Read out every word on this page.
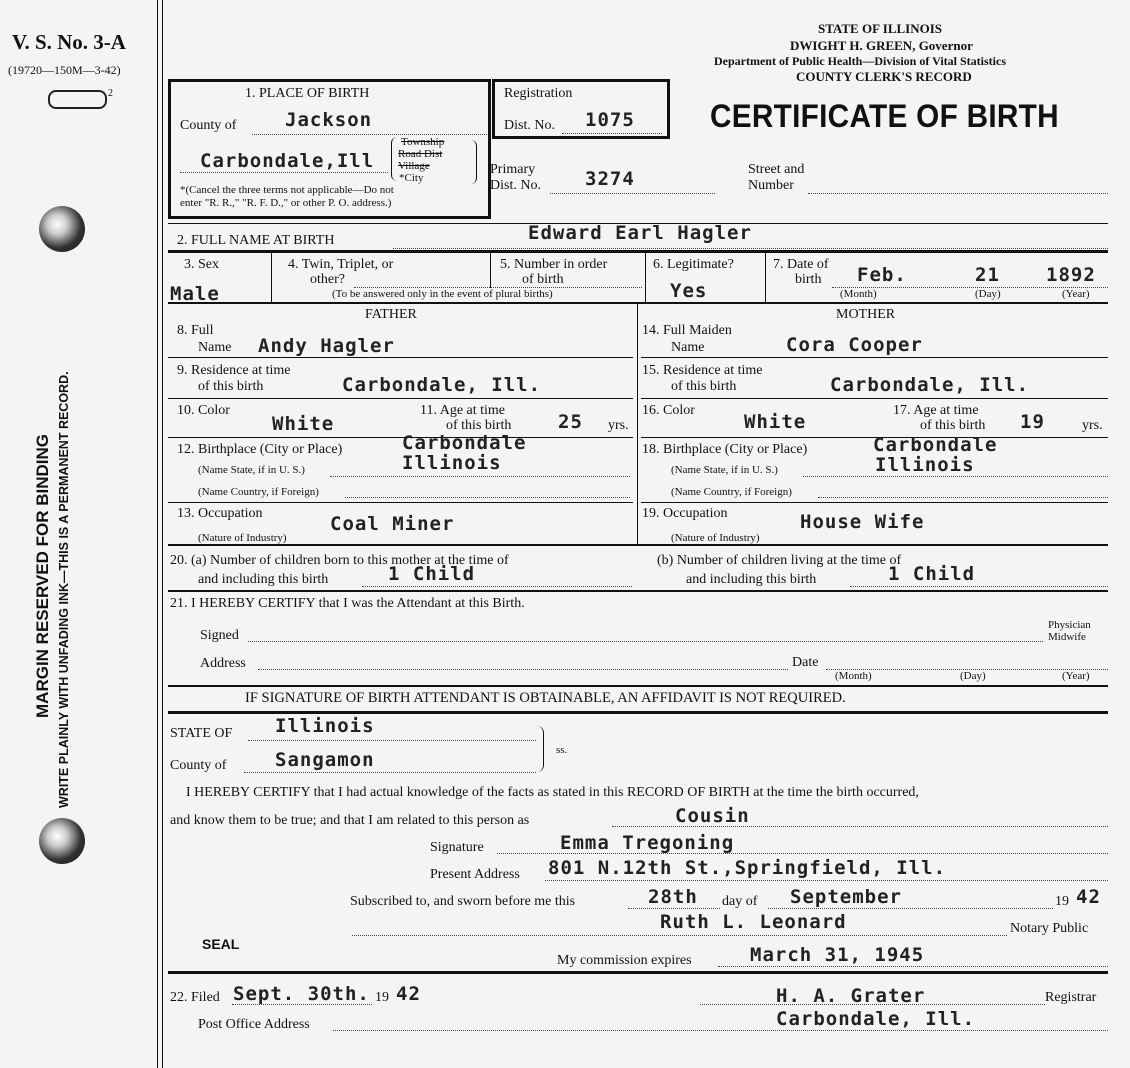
V. S. No. 3-A
(19720—150M—3-42)
2
MARGIN RESERVED FOR BINDING WRITE PLAINLY WITH UNFADING INK—THIS IS A PERMANENT RECORD.
STATE OF ILLINOIS
DWIGHT H. GREEN, Governor
Department of Public Health—Division of Vital Statistics
COUNTY CLERK'S RECORD
CERTIFICATE OF BIRTH
1. PLACE OF BIRTH
County of	Jackson
Carbondale,Ill
Township
Road Dist
Village
*City
*(Cancel the three terms not applicable—Do not
enter "R. R.," "R. F. D.," or other P. O. address.)
Registration
Dist. No. 1075
Primary
Dist. No. 3274	Street and
Number
2. FULL NAME AT BIRTH	Edward Earl Hagler
3. Sex
Male
4. Twin, Triplet, or
other?
5. Number in order
of birth
(To be answered only in the event of plural births)
6. Legitimate?
Yes
7. Date of
birth Feb.	21 1892
(Month)	(Day)	(Year)
FATHER	MOTHER
8. Full
Name Andy Hagler
9. Residence at time
of this birth	Carbondale, Ill.
10. Color
White
11. Age at time
of this birth 25 yrs.
12. Birthplace (City or Place)	Carbondale
(Name State, if in U. S.)	Illinois
(Name Country, if Foreign)
13. Occupation	Coal Miner
(Nature of Industry)
14. Full Maiden
Name	Cora Cooper
15. Residence at time
of this birth	Carbondale, Ill.
16. Color
White
17. Age at time
of this birth 19	yrs.
18. Birthplace (City or Place)	Carbondale
(Name State, if in U. S.)	Illinois
(Name Country, if Foreign)
19. Occupation	House Wife
(Nature of Industry)
20. (a) Number of children born to this mother at the time of
and including this birth	1 Child
(b) Number of children living at the time of
and including this birth	1 Child
21. I HEREBY CERTIFY that I was the Attendant at this Birth.
Signed
Physician
Midwife
Address	Date
(Month)	(Day)	(Year)
IF SIGNATURE OF BIRTH ATTENDANT IS OBTAINABLE, AN AFFIDAVIT IS NOT REQUIRED.
STATE OF Illinois
County of	Sangamon	ss.
I HEREBY CERTIFY that I had actual knowledge of the facts as stated in this RECORD OF BIRTH at the time the birth occurred,
and know them to be true; and that I am related to this person as	Cousin
Signature	Emma Tregoning
Present Address 801 N.12th St.,Springfield, Ill.
Subscribed to, and sworn before me this	28th day of September	19 42
Ruth L. Leonard	Notary Public
SEAL
My commission expires	March 31, 1945
22. Filed Sept. 30th. 19 42	H. A. Grater	Registrar
Post Office Address	Carbondale, Ill.
